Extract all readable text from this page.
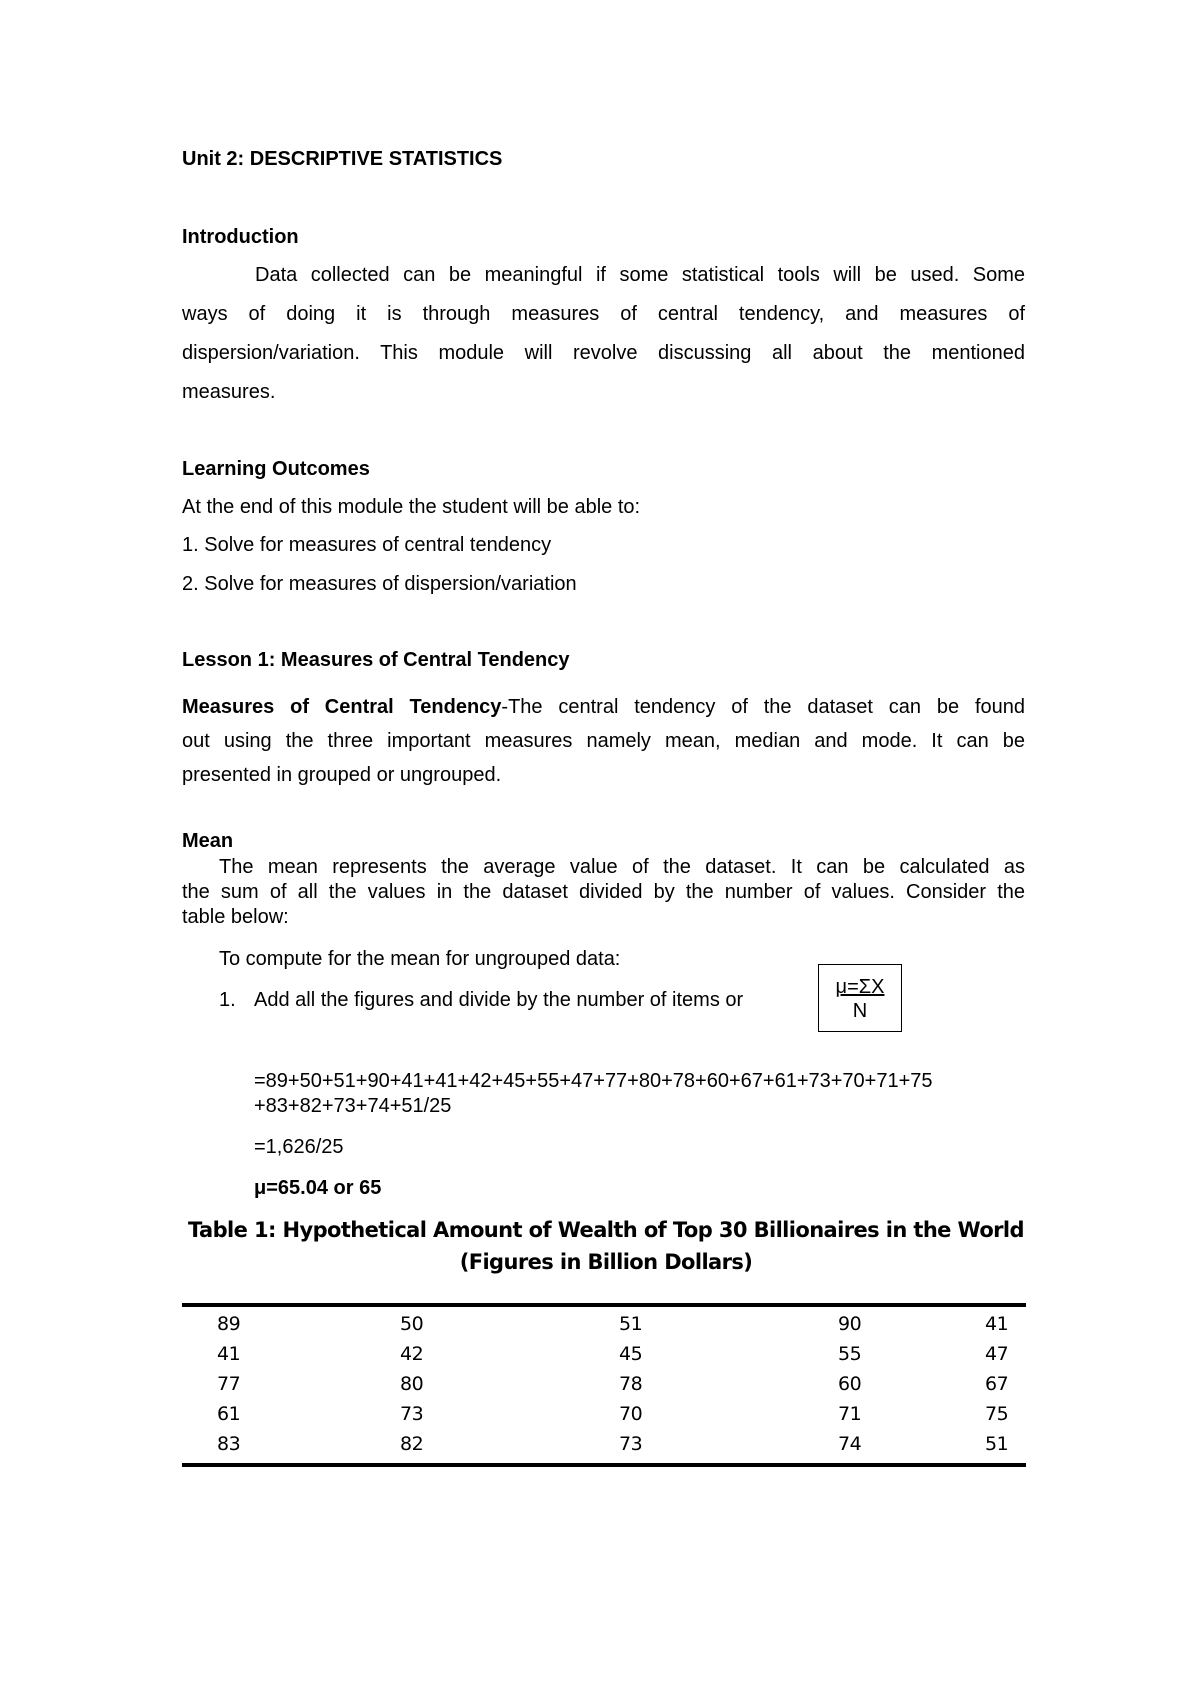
Unit 2: DESCRIPTIVE STATISTICS
Introduction
Data collected can be meaningful if some statistical tools will be used. Some
ways of doing it is through measures of central tendency, and measures of
dispersion/variation. This module will revolve discussing all about the mentioned
measures.
Learning Outcomes
At the end of this module the student will be able to:
1. Solve for measures of central tendency
2. Solve for measures of dispersion/variation
Lesson 1: Measures of Central Tendency
Measures of Central Tendency-The central tendency of the dataset can be found
out using the three important measures namely mean, median and mode. It can be
presented in grouped or ungrouped.
Mean
The mean represents the average value of the dataset. It can be calculated as
the sum of all the values in the dataset divided by the number of values. Consider the
table below:
To compute for the mean for ungrouped data:
1. Add all the figures and divide by the number of items or
μ=ΣX
N
=89+50+51+90+41+41+42+45+55+47+77+80+78+60+67+61+73+70+71+75
+83+82+73+74+51/25
=1,626/25
μ=65.04 or 65
Table 1: Hypothetical Amount of Wealth of Top 30 Billionaires in the World
(Figures in Billion Dollars)
89	50	51	90	41
41	42	45	55	47
77	80	78	60	67
61	73	70	71	75
83	82	73	74	51
